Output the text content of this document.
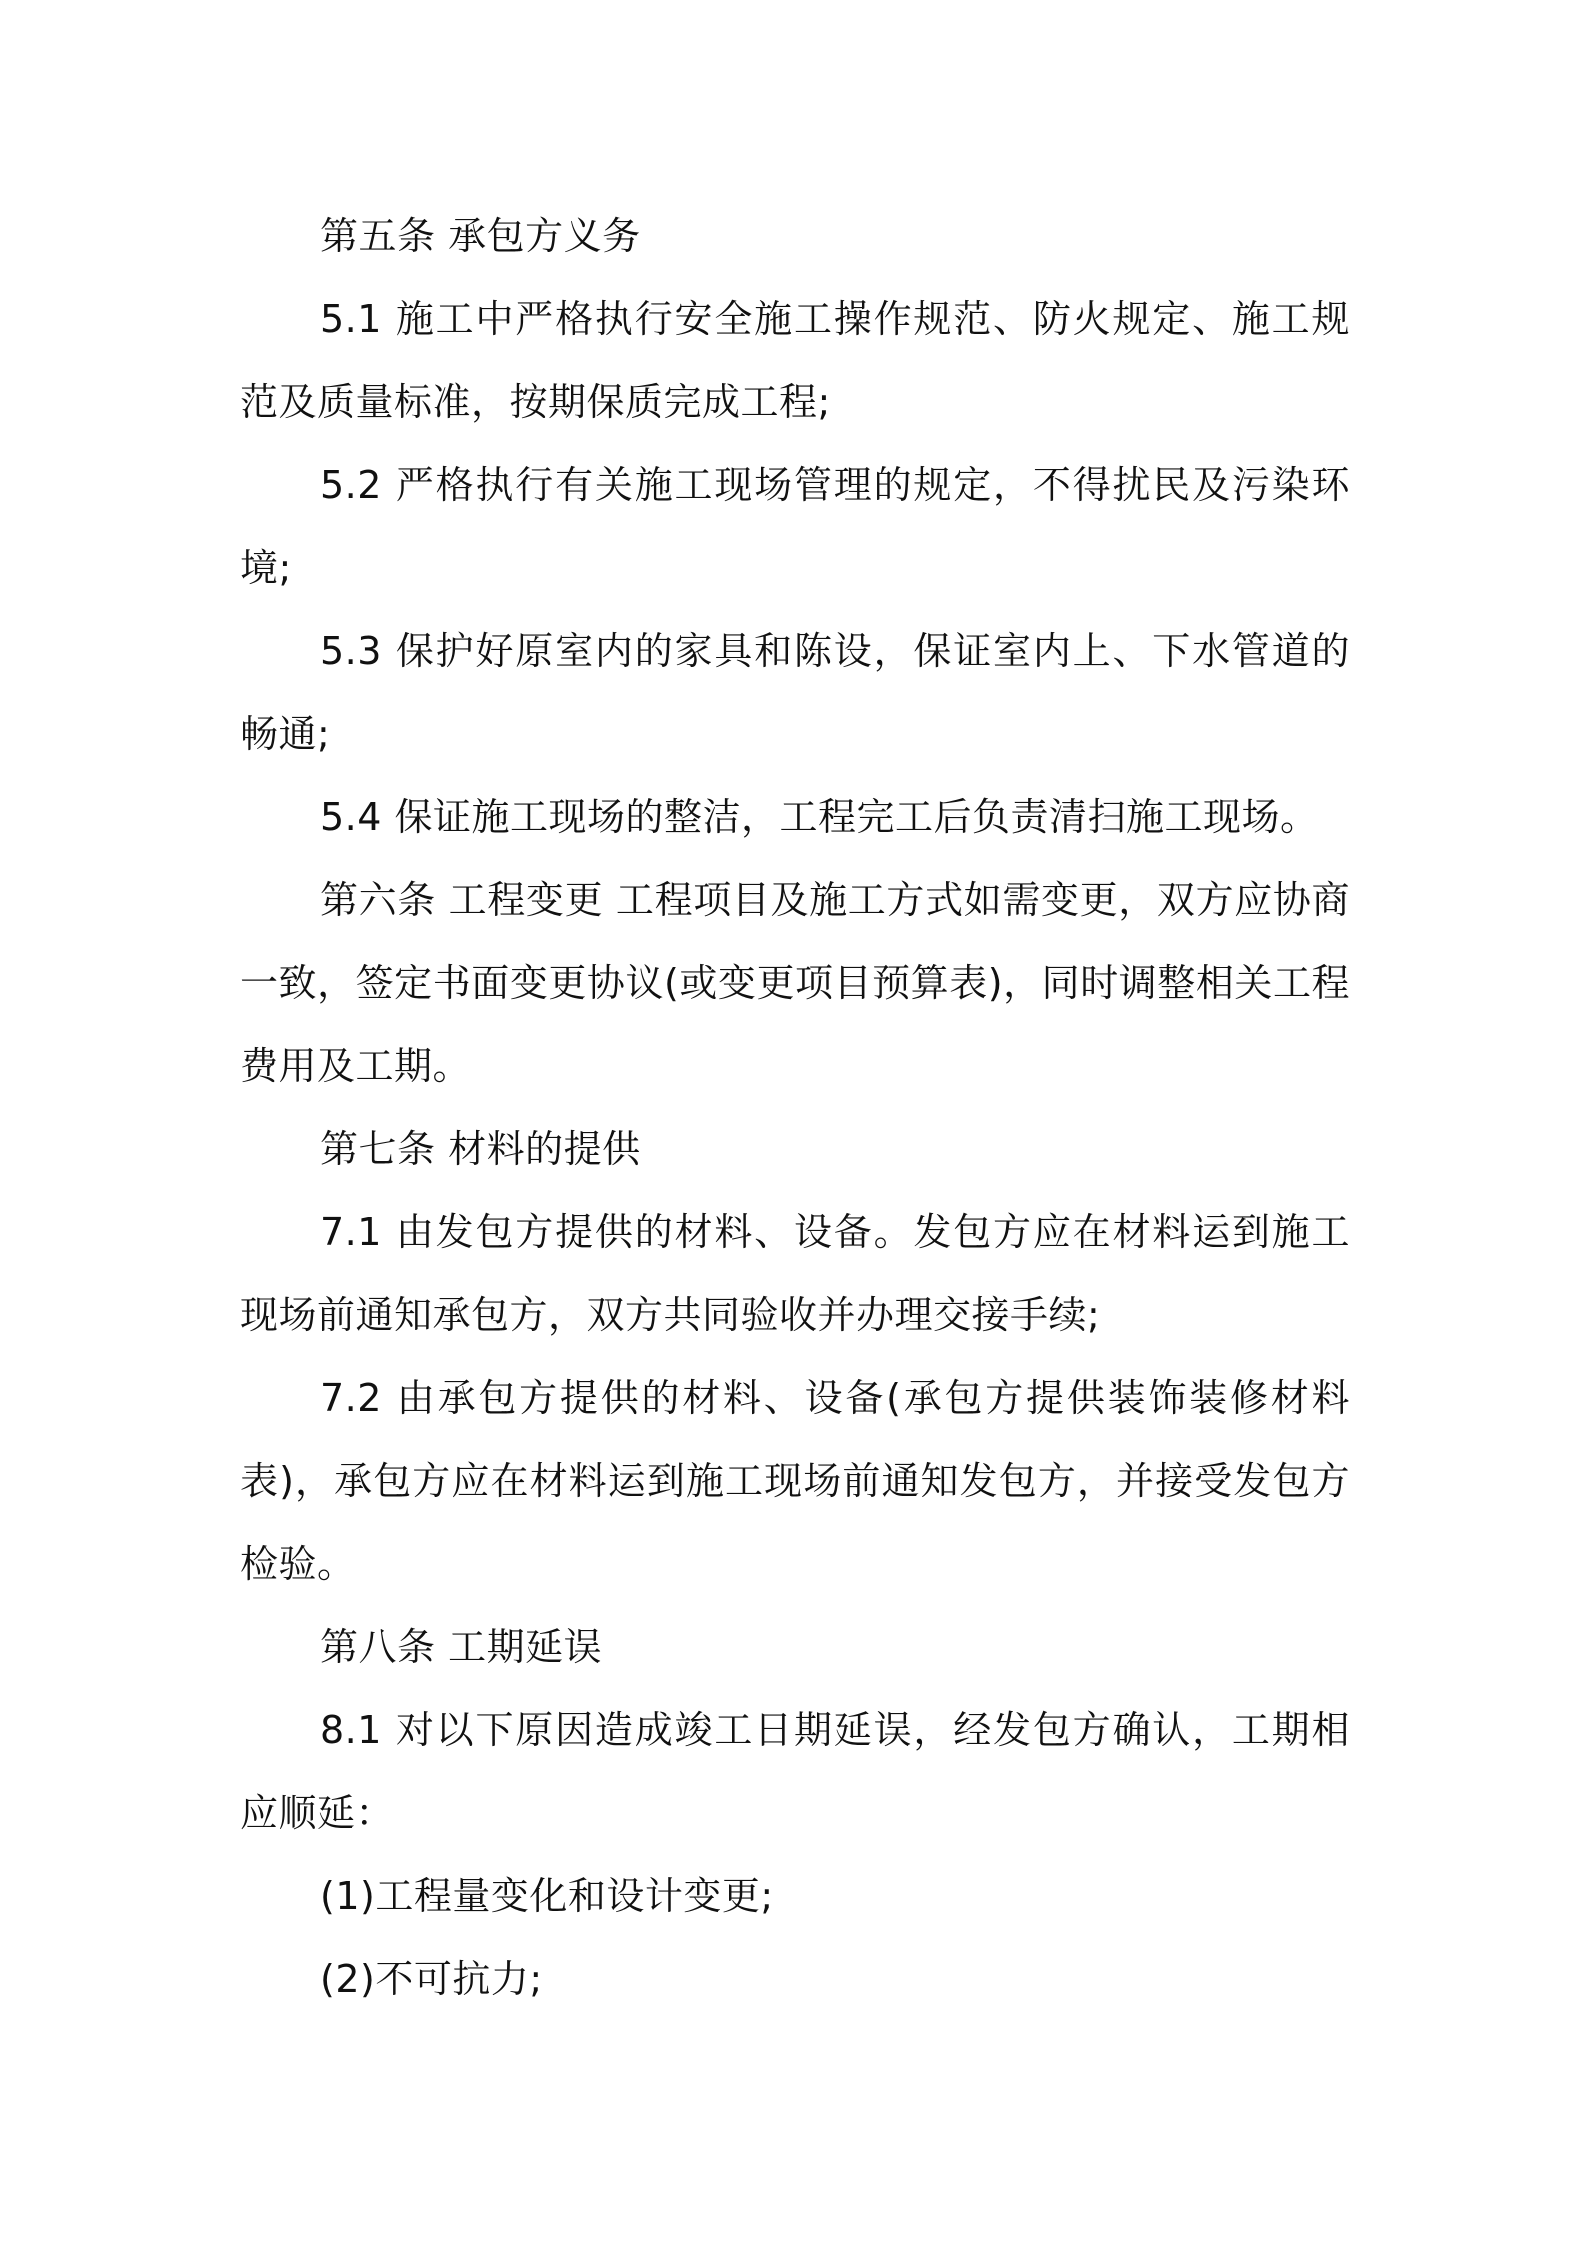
第五条 承包方义务

5.1 施工中严格执行安全施工操作规范、防火规定、施工规范及质量标准，按期保质完成工程;

5.2 严格执行有关施工现场管理的规定，不得扰民及污染环境;

5.3 保护好原室内的家具和陈设，保证室内上、下水管道的畅通;

5.4 保证施工现场的整洁，工程完工后负责清扫施工现场。

第六条 工程变更 工程项目及施工方式如需变更，双方应协商一致，签定书面变更协议(或变更项目预算表)，同时调整相关工程费用及工期。

第七条 材料的提供

7.1 由发包方提供的材料、设备。发包方应在材料运到施工现场前通知承包方，双方共同验收并办理交接手续;

7.2 由承包方提供的材料、设备(承包方提供装饰装修材料表)，承包方应在材料运到施工现场前通知发包方，并接受发包方检验。

第八条 工期延误

8.1 对以下原因造成竣工日期延误，经发包方确认，工期相应顺延：

(1)工程量变化和设计变更;

(2)不可抗力;
